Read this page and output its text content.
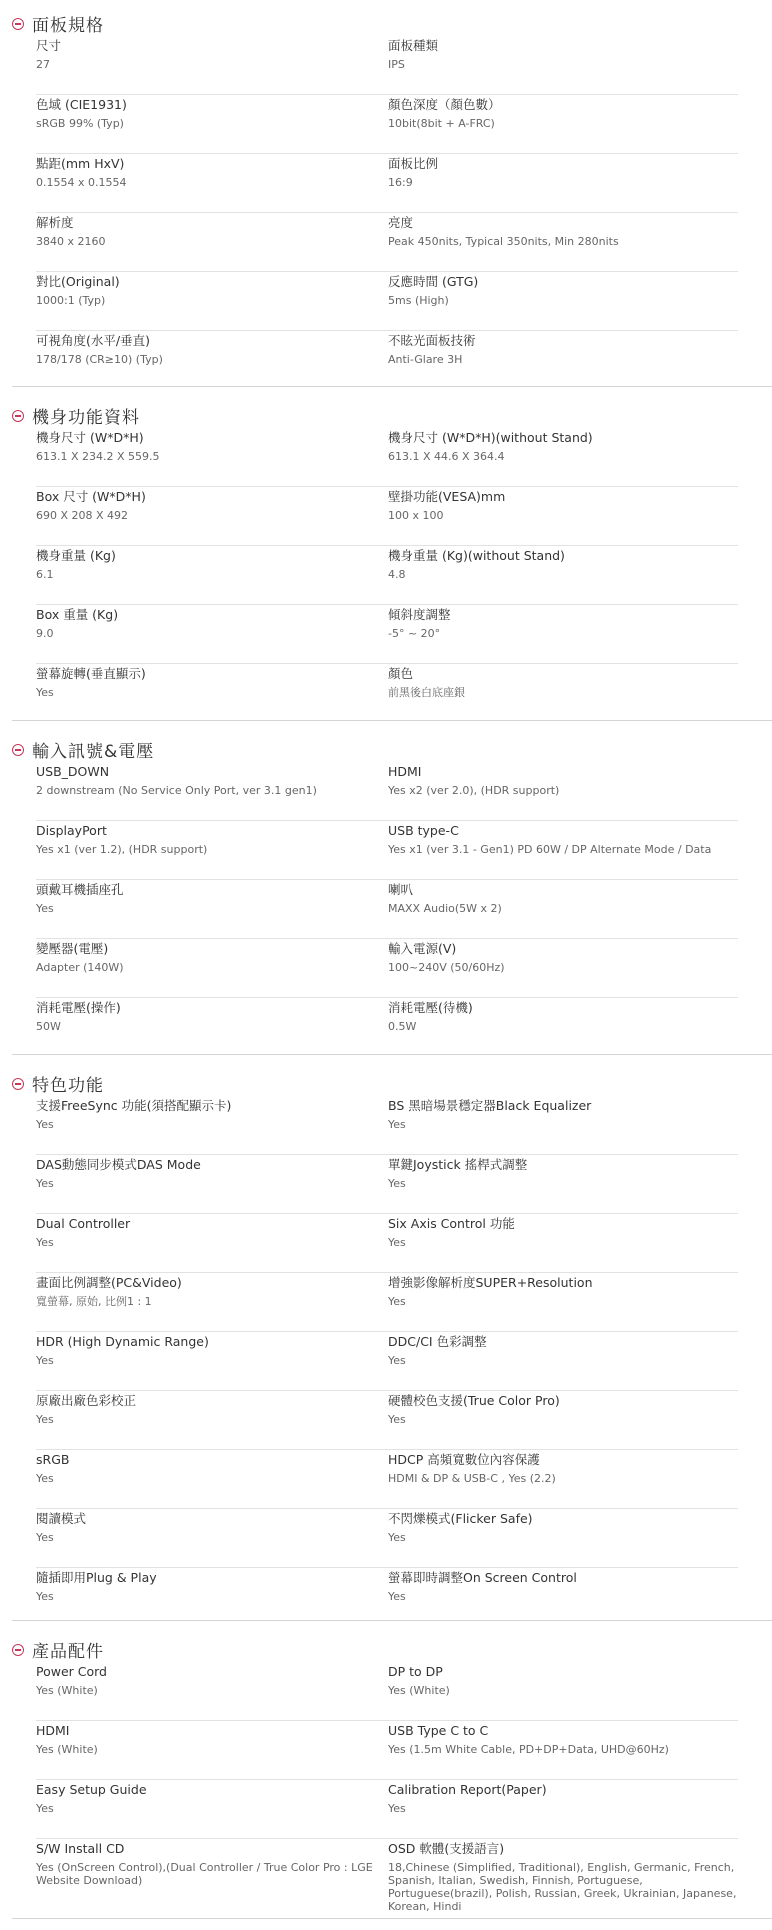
面板規格
尺寸
27
面板種類
IPS
色域 (CIE1931)
sRGB 99% (Typ)
顏色深度（顏色數）
10bit(8bit + A-FRC)
點距(mm HxV)
0.1554 x 0.1554
面板比例
16:9
解析度
3840 x 2160
亮度
Peak 450nits, Typical 350nits, Min 280nits
對比(Original)
1000:1 (Typ)
反應時間 (GTG)
5ms (High)
可視角度(水平/垂直)
178/178 (CR≥10) (Typ)
不眩光面板技術
Anti-Glare 3H
機身功能資料
機身尺寸 (W*D*H)
613.1 X 234.2 X 559.5
機身尺寸 (W*D*H)(without Stand)
613.1 X 44.6 X 364.4
Box 尺寸 (W*D*H)
690 X 208 X 492
壁掛功能(VESA)mm
100 x 100
機身重量 (Kg)
6.1
機身重量 (Kg)(without Stand)
4.8
Box 重量 (Kg)
9.0
傾斜度調整
-5° ~ 20°
螢幕旋轉(垂直顯示)
Yes
顏色
前黑後白底座銀
輸入訊號&電壓
USB_DOWN
2 downstream (No Service Only Port, ver 3.1 gen1)
HDMI
Yes x2 (ver 2.0), (HDR support)
DisplayPort
Yes x1 (ver 1.2), (HDR support)
USB type-C
Yes x1 (ver 3.1 - Gen1) PD 60W / DP Alternate Mode / Data
頭戴耳機插座孔
Yes
喇叭
MAXX Audio(5W x 2)
變壓器(電壓)
Adapter (140W)
輸入電源(V)
100~240V (50/60Hz)
消耗電壓(操作)
50W
消耗電壓(待機)
0.5W
特色功能
支援FreeSync 功能(須搭配顯示卡)
Yes
BS 黑暗場景穩定器Black Equalizer
Yes
DAS動態同步模式DAS Mode
Yes
單鍵Joystick 搖桿式調整
Yes
Dual Controller
Yes
Six Axis Control 功能
Yes
畫面比例調整(PC&Video)
寬螢幕, 原始, 比例1 : 1
增強影像解析度SUPER+Resolution
Yes
HDR (High Dynamic Range)
Yes
DDC/CI 色彩調整
Yes
原廠出廠色彩校正
Yes
硬體校色支援(True Color Pro)
Yes
sRGB
Yes
HDCP 高頻寬數位內容保護
HDMI & DP & USB-C , Yes (2.2)
閱讀模式
Yes
不閃爍模式(Flicker Safe)
Yes
隨插即用Plug & Play
Yes
螢幕即時調整On Screen Control
Yes
產品配件
Power Cord
Yes (White)
DP to DP
Yes (White)
HDMI
Yes (White)
USB Type C to C
Yes (1.5m White Cable, PD+DP+Data, UHD@60Hz)
Easy Setup Guide
Yes
Calibration Report(Paper)
Yes
S/W Install CD
Yes (OnScreen Control),(Dual Controller / True Color Pro : LGE Website Download)
OSD 軟體(支援語言)
18,Chinese (Simplified, Traditional), English, Germanic, French, Spanish, Italian, Swedish, Finnish, Portuguese, Portuguese(brazil), Polish, Russian, Greek, Ukrainian, Japanese, Korean, Hindi
